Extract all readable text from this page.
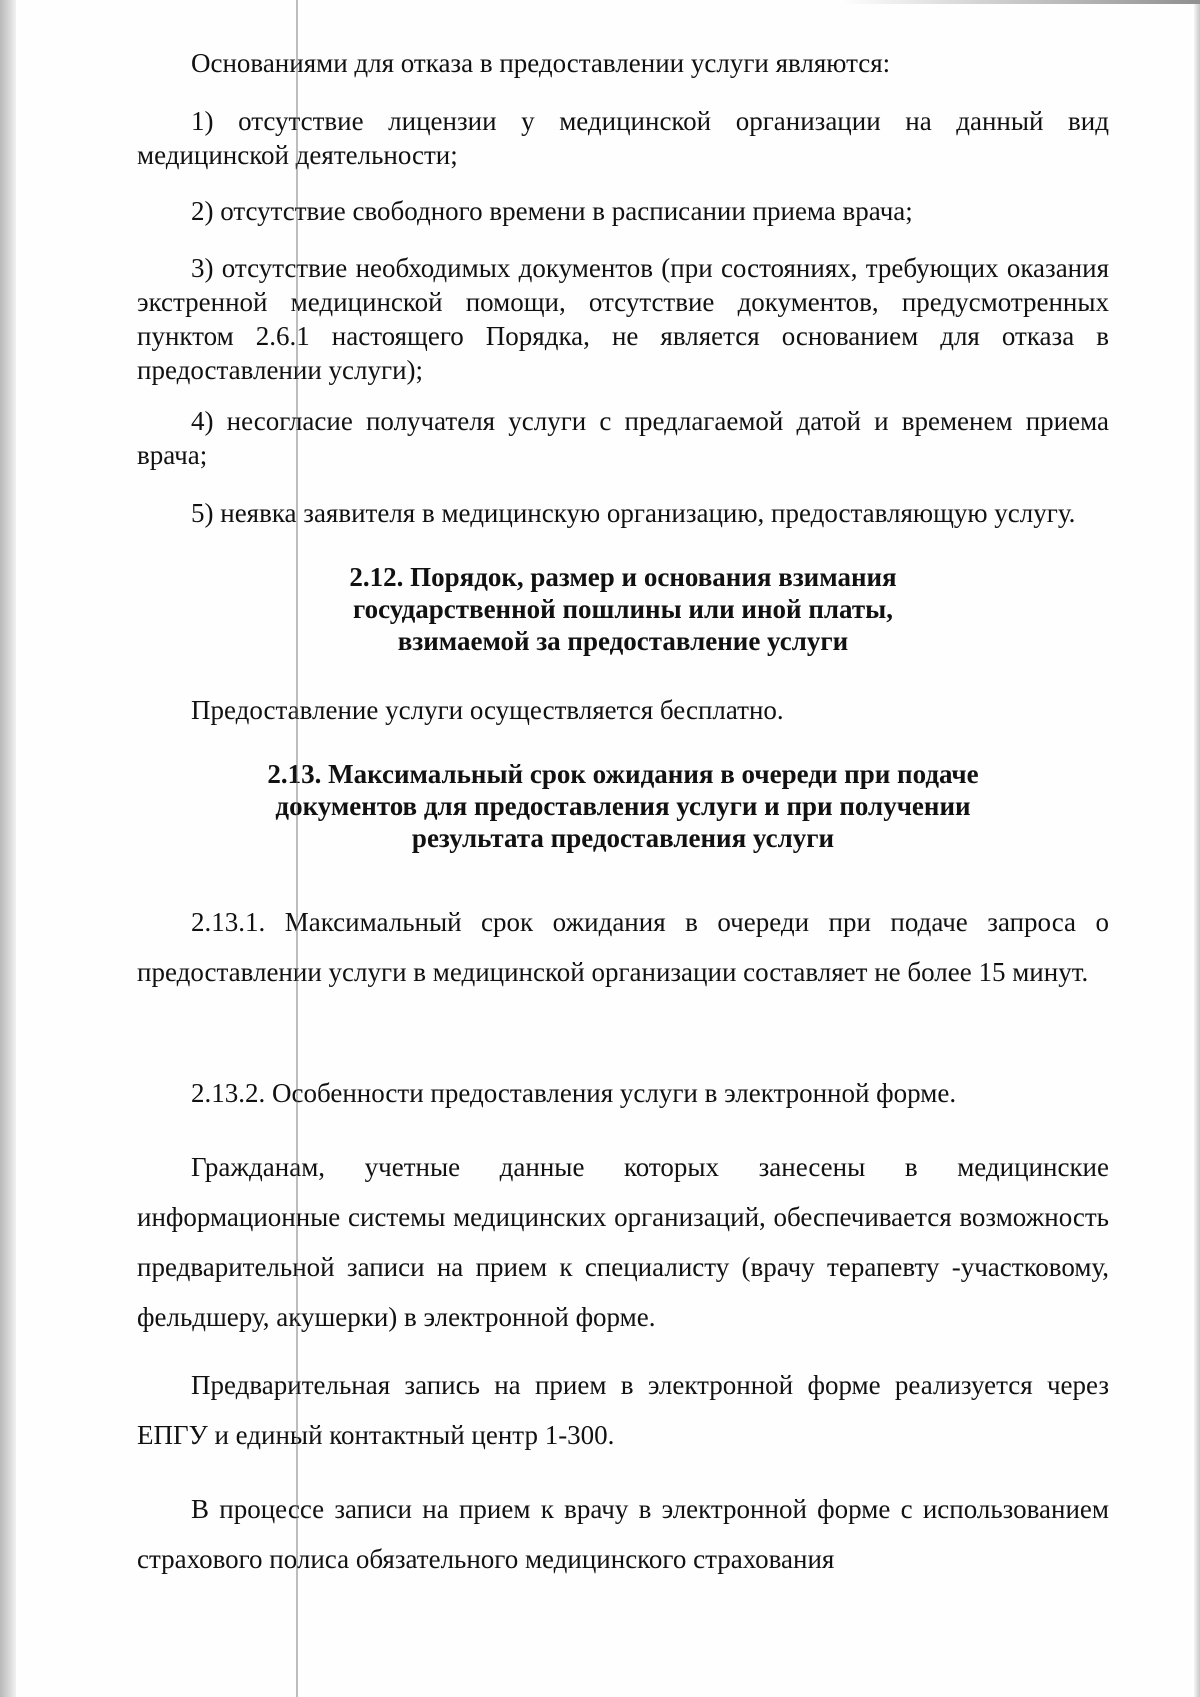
Основаниями для отказа в предоставлении услуги являются:

1) отсутствие лицензии у медицинской организации на данный вид медицинской деятельности;

2) отсутствие свободного времени в расписании приема врача;

3) отсутствие необходимых документов (при состояниях, требующих оказания экстренной медицинской помощи, отсутствие документов, предусмотренных пунктом 2.6.1 настоящего Порядка, не является основанием для отказа в предоставлении услуги);

4) несогласие получателя услуги с предлагаемой датой и временем приема врача;

5) неявка заявителя в медицинскую организацию, предоставляющую услугу.

2.12. Порядок, размер и основания взимания
государственной пошлины или иной платы,
взимаемой за предоставление услуги

Предоставление услуги осуществляется бесплатно.

2.13. Максимальный срок ожидания в очереди при подаче
документов для предоставления услуги и при получении
результата предоставления услуги

2.13.1. Максимальный срок ожидания в очереди при подаче запроса о предоставлении услуги в медицинской организации составляет не более 15 минут.

2.13.2. Особенности предоставления услуги в электронной форме.

Гражданам, учетные данные которых занесены в медицинские информационные системы медицинских организаций, обеспечивается возможность предварительной записи на прием к специалисту (врачу терапевту -участковому, фельдшеру, акушерки) в электронной форме.

Предварительная запись на прием в электронной форме реализуется через ЕПГУ и единый контактный центр 1-300.

В процессе записи на прием к врачу в электронной форме с использованием страхового полиса обязательного медицинского страхования
